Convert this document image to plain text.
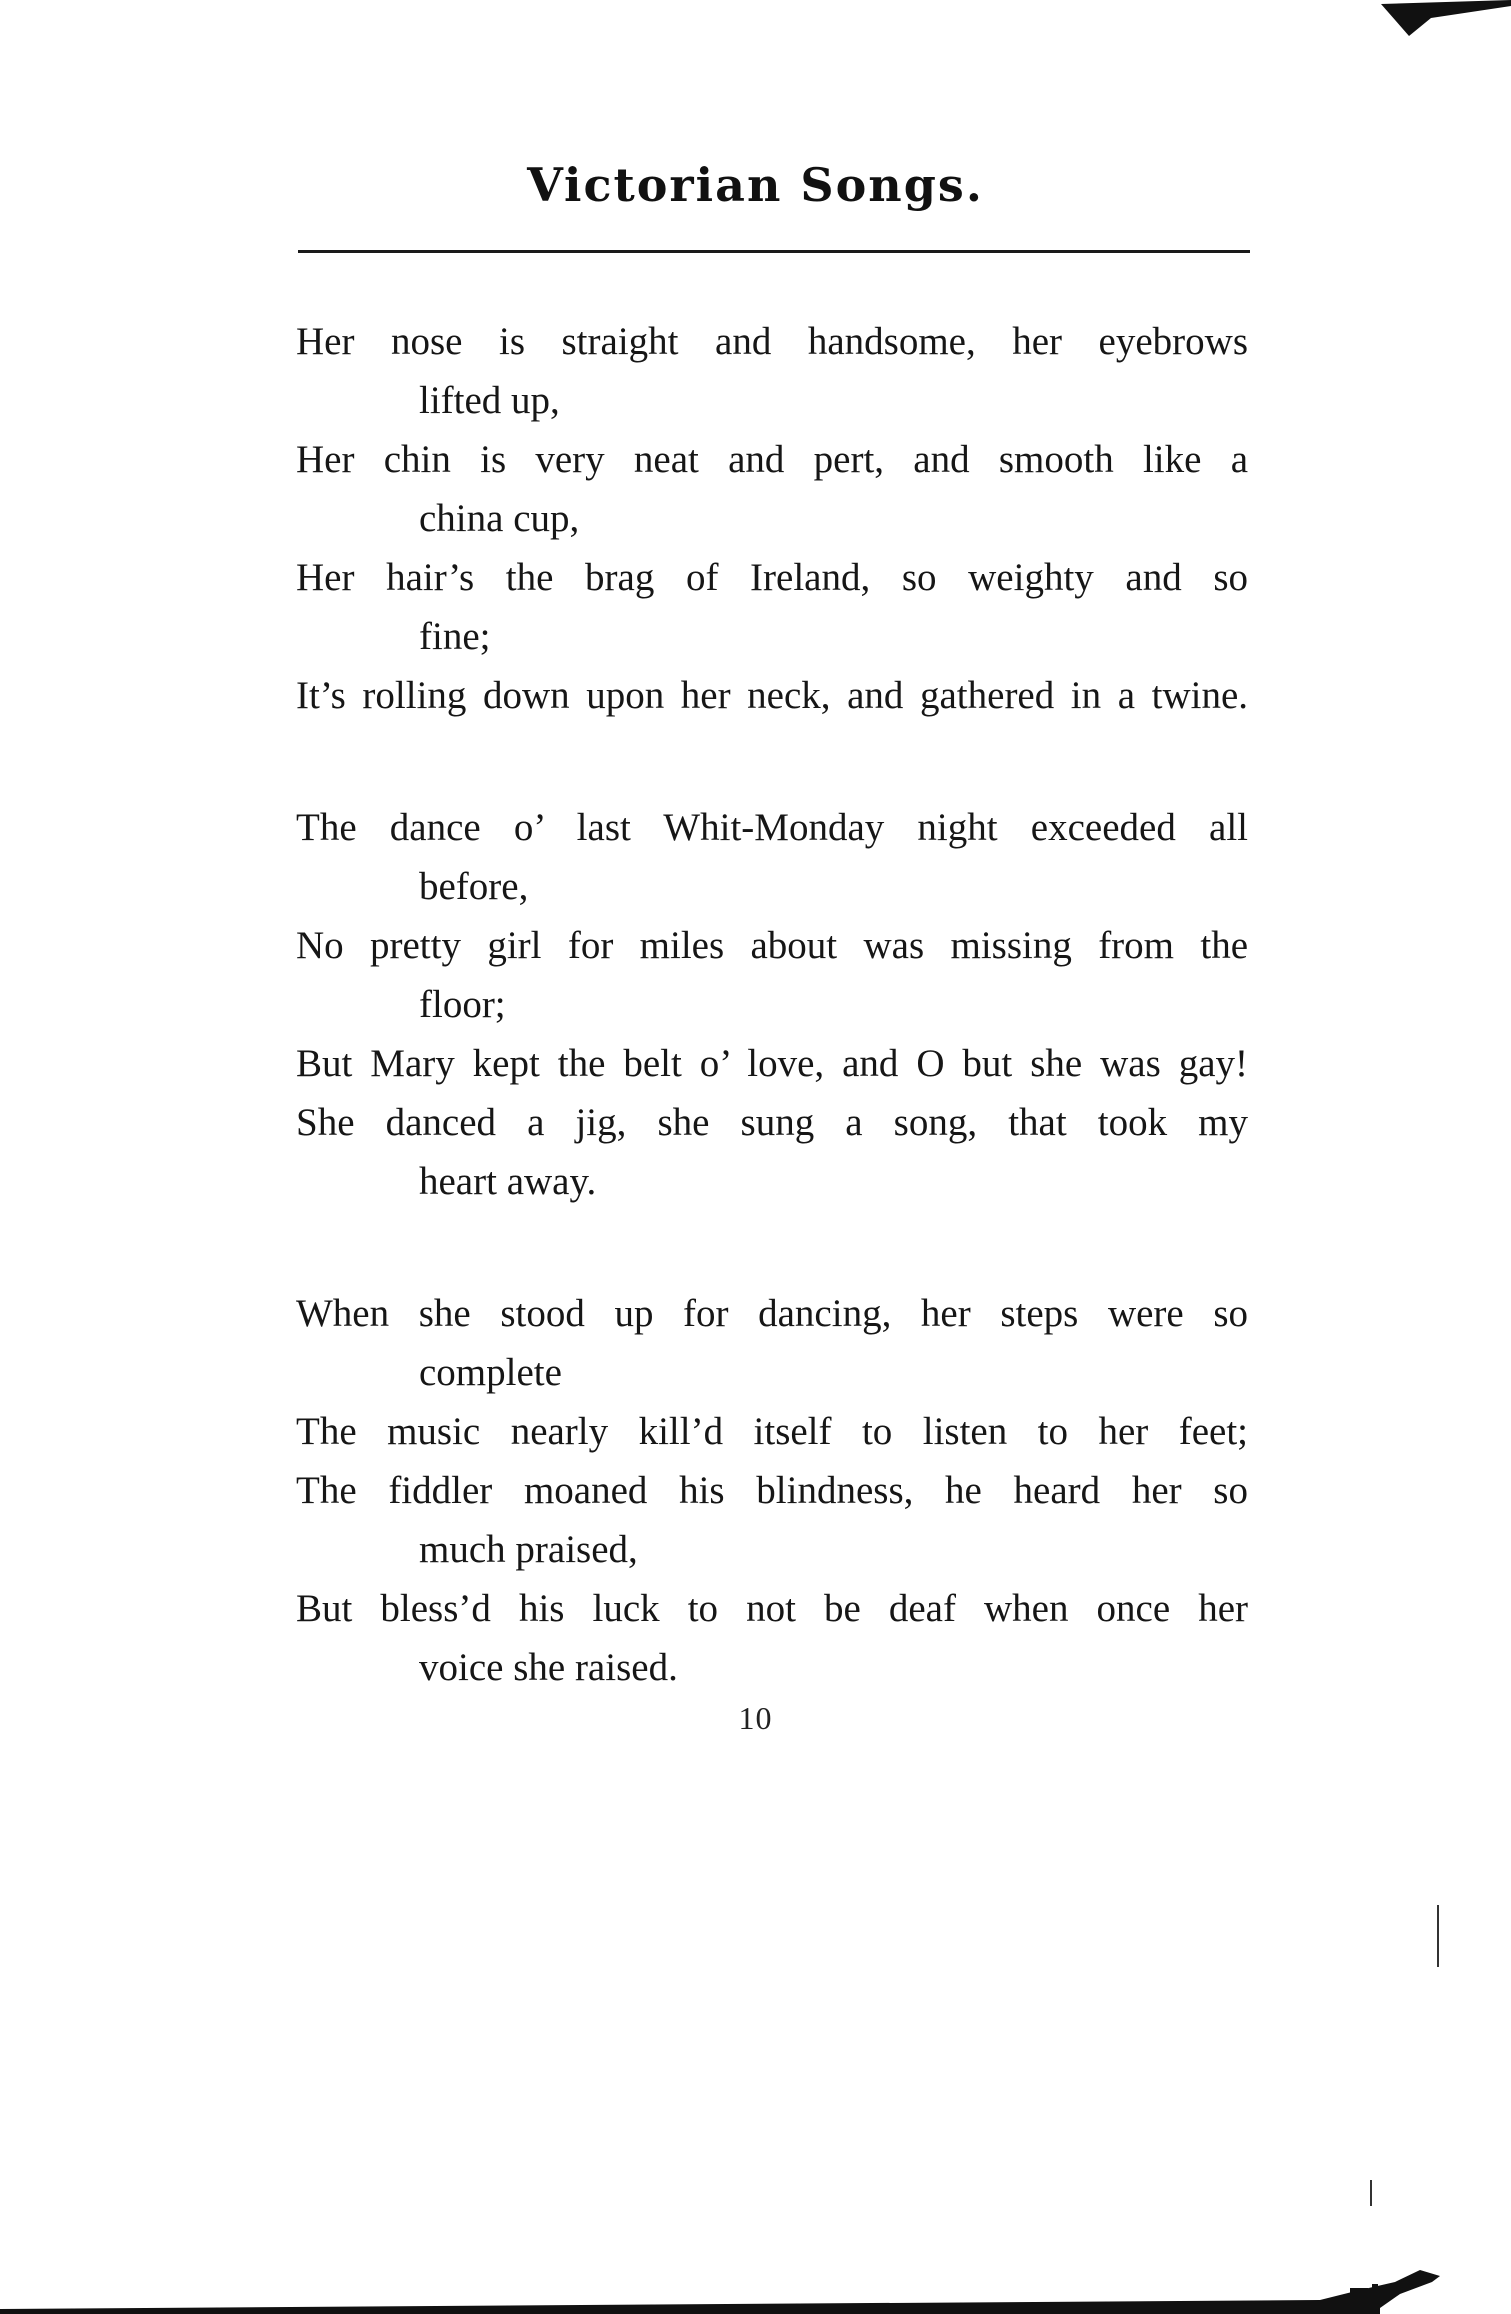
Victorian Songs.
Her nose is straight and handsome, her eyebrows
lifted up,
Her chin is very neat and pert, and smooth like a
china cup,
Her hair’s the brag of Ireland, so weighty and so
fine;
It’s rolling down upon her neck, and gathered in a twine.
The dance o’ last Whit-Monday night exceeded all
before,
No pretty girl for miles about was missing from the
floor;
But Mary kept the belt o’ love, and O but she was gay!
She danced a jig, she sung a song, that took my
heart away.
When she stood up for dancing, her steps were so
complete
The music nearly kill’d itself to listen to her feet;
The fiddler moaned his blindness, he heard her so
much praised,
But bless’d his luck to not be deaf when once her
voice she raised.
10
